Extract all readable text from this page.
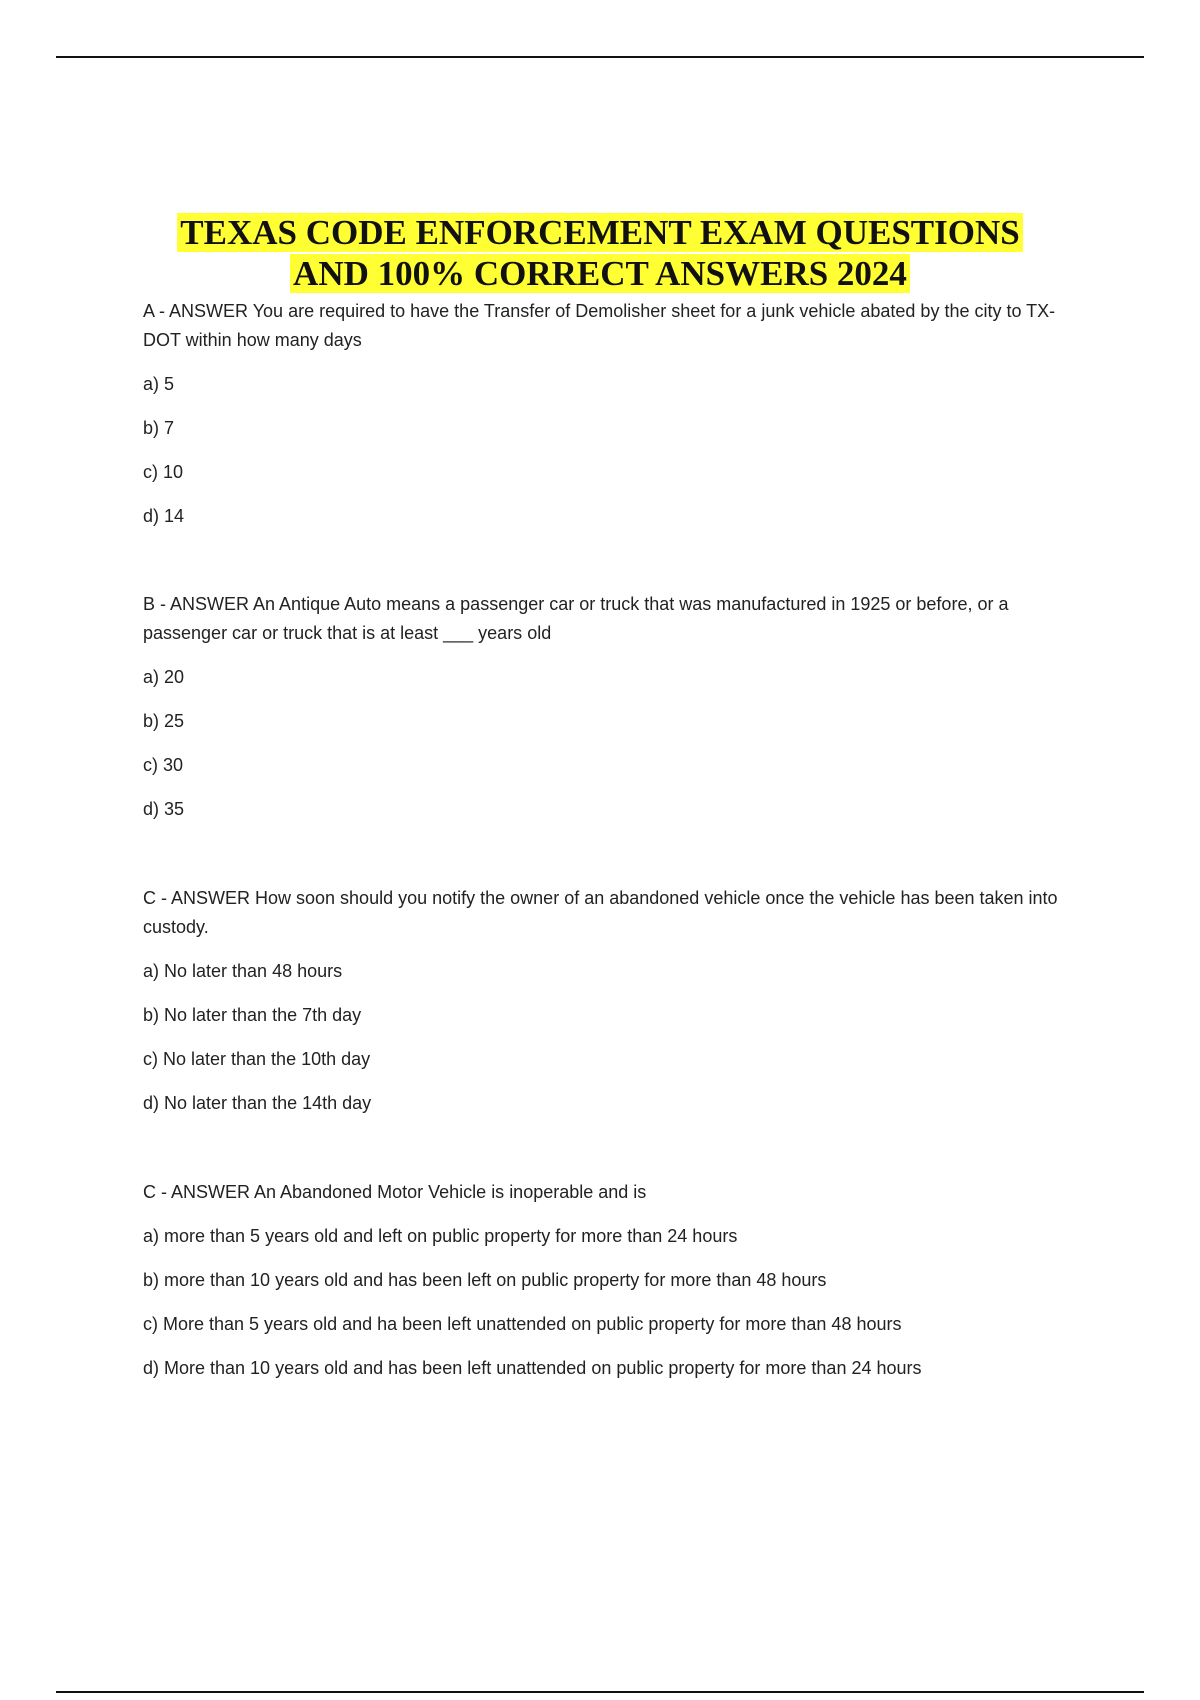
TEXAS CODE ENFORCEMENT EXAM QUESTIONS
AND 100% CORRECT ANSWERS 2024

A - ANSWER You are required to have the Transfer of Demolisher sheet for a junk vehicle abated by the city to TX-DOT within how many days

a) 5

b) 7

c) 10

d) 14

B - ANSWER An Antique Auto means a passenger car or truck that was manufactured in 1925 or before, or a passenger car or truck that is at least ___ years old

a) 20

b) 25

c) 30

d) 35

C - ANSWER How soon should you notify the owner of an abandoned vehicle once the vehicle has been taken into custody.

a) No later than 48 hours

b) No later than the 7th day

c) No later than the 10th day

d) No later than the 14th day

C - ANSWER An Abandoned Motor Vehicle is inoperable and is

a) more than 5 years old and left on public property for more than 24 hours

b) more than 10 years old and has been left on public property for more than 48 hours

c) More than 5 years old and ha been left unattended on public property for more than 48 hours

d) More than 10 years old and has been left unattended on public property for more than 24 hours
